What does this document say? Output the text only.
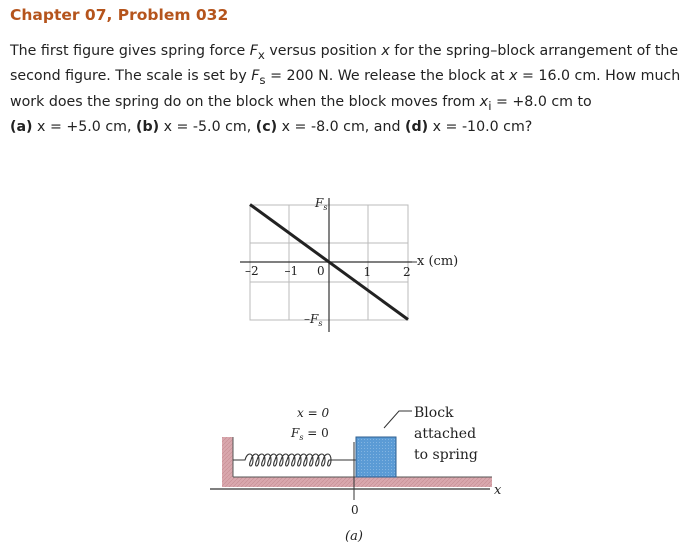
Chapter 07, Problem 032
The first figure gives spring force $F_x$ versus position x for the spring–block arrangement of the second figure. The scale is set by $F_s = 200$ N. We release the block at x = 16.0 cm. How much work does the spring do on the block when the block moves from $x_i = +8.0$ cm to
(a) x = +5.0 cm, (b) x = -5.0 cm, (c) x = -8.0 cm, and (d) x = -10.0 cm?
–2 –1 0	1	2
$F_s$
$-F_s$
x (cm)
x
0
x = 0
$F_s = 0$
Block
attached
to spring
(a)
